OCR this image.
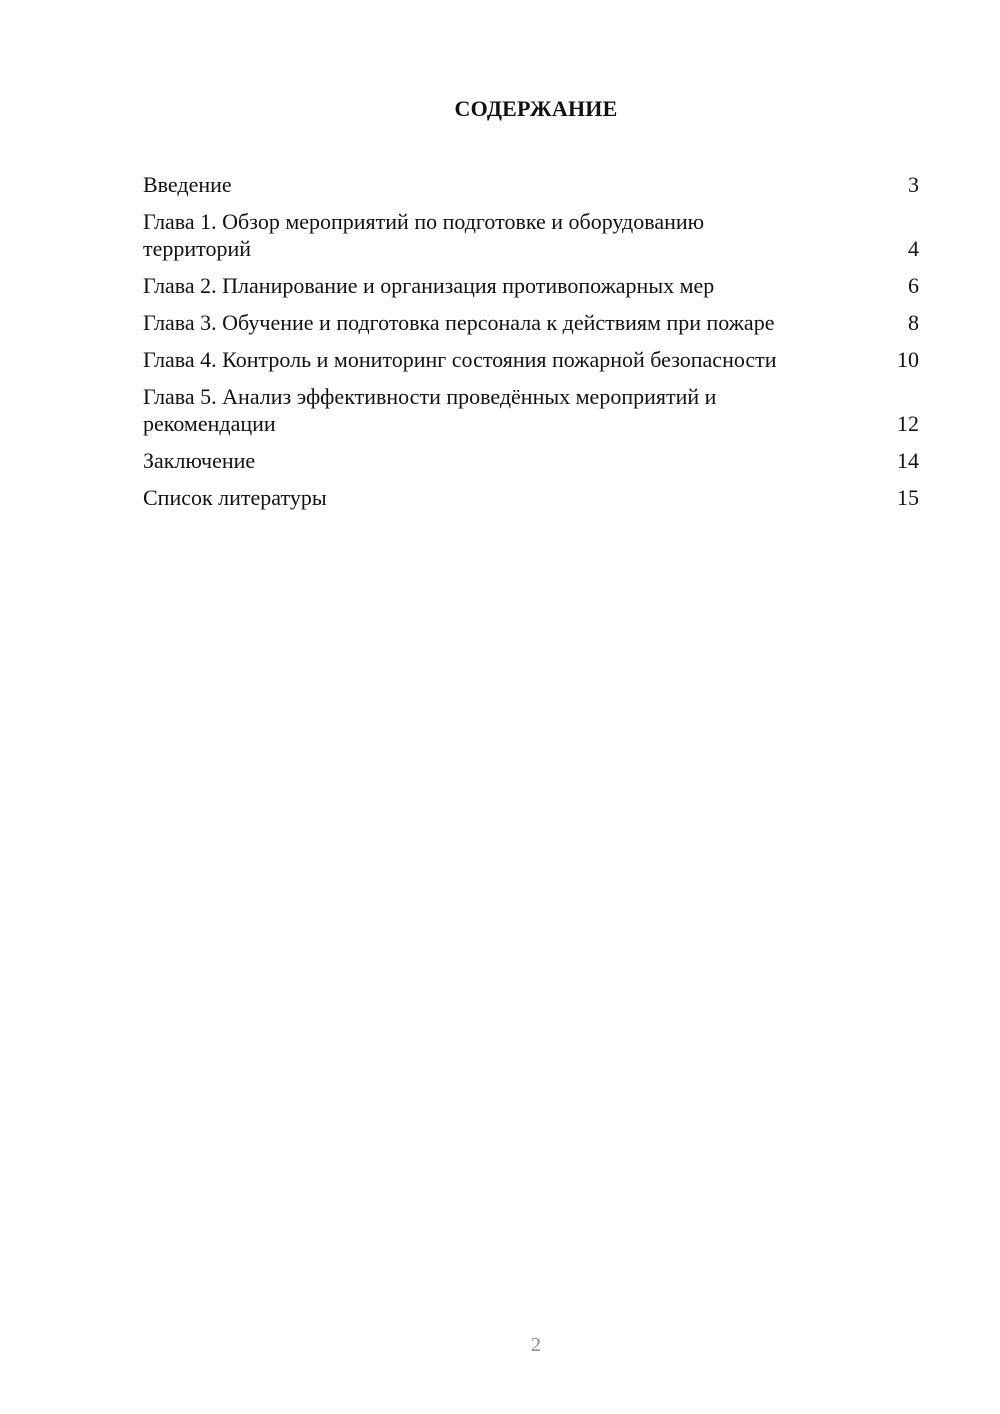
СОДЕРЖАНИЕ
Введение	3
Глава 1. Обзор мероприятий по подготовке и оборудованию территорий	4
Глава 2. Планирование и организация противопожарных мер	6
Глава 3. Обучение и подготовка персонала к действиям при пожаре	8
Глава 4. Контроль и мониторинг состояния пожарной безопасности	10
Глава 5. Анализ эффективности проведённых мероприятий и рекомендации	12
Заключение	14
Список литературы	15
2
